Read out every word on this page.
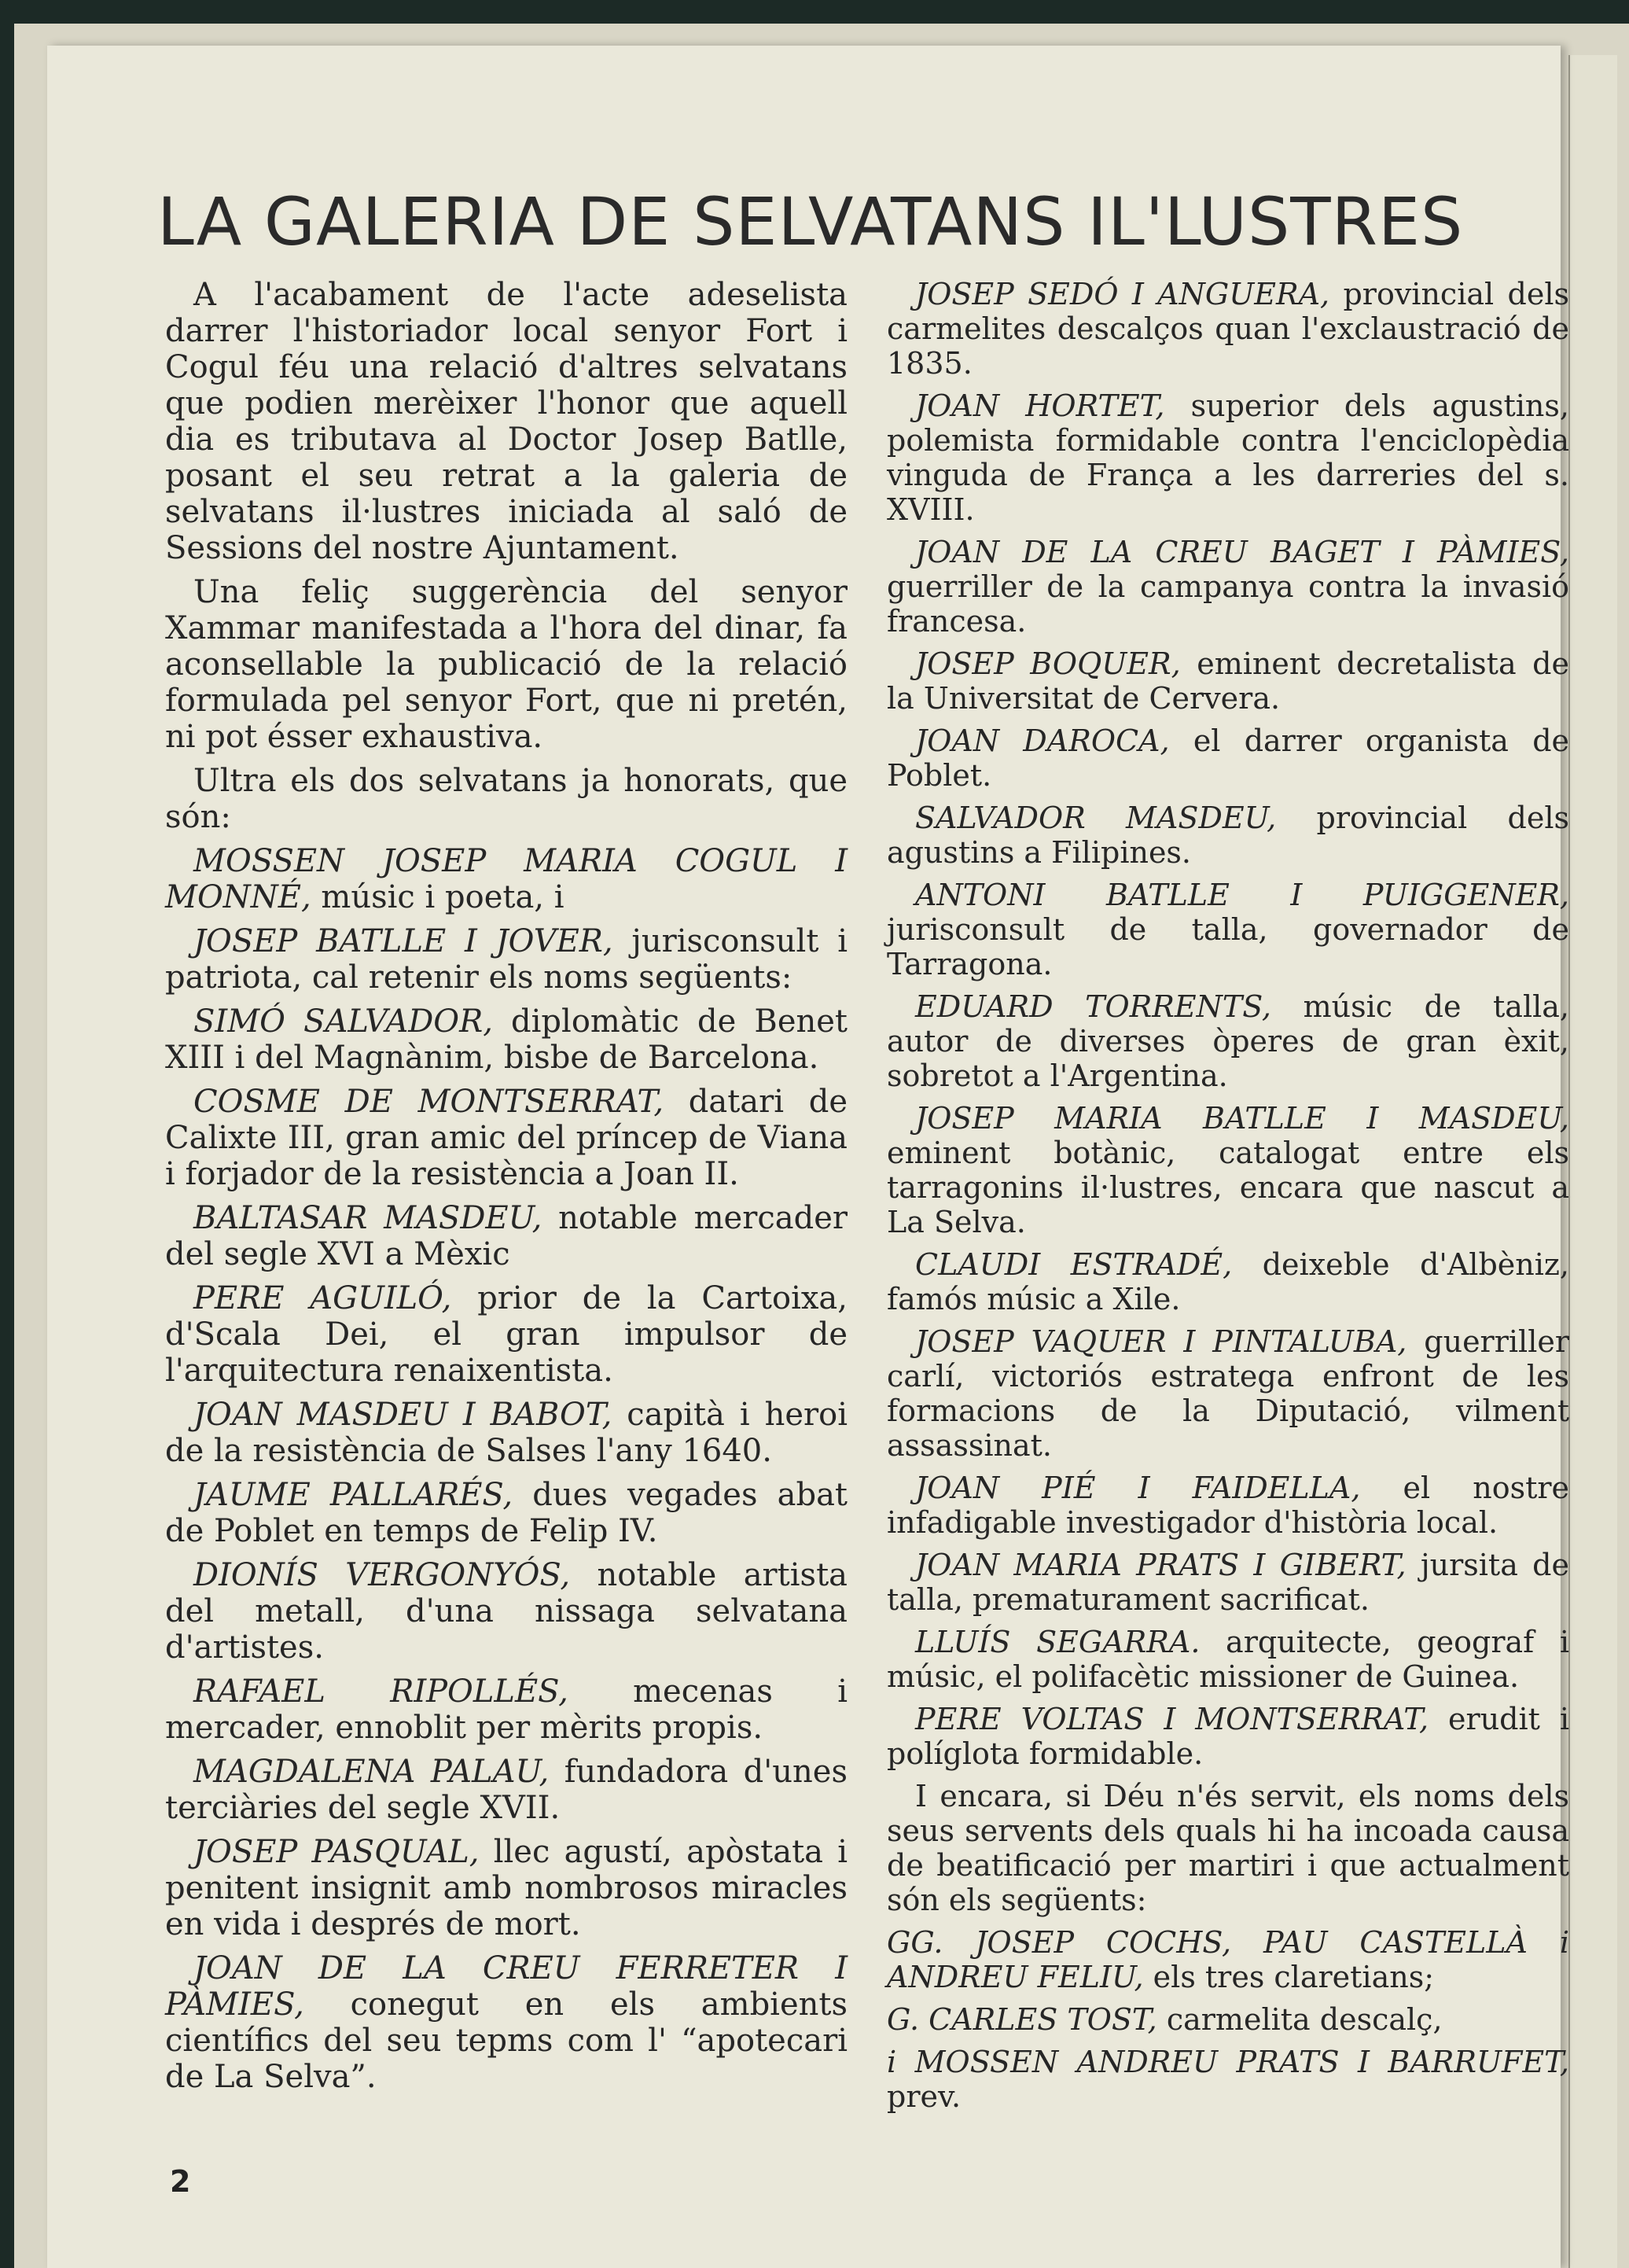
LA GALERIA DE SELVATANS IL'LUSTRES

A l'acabament de l'acte adeselista darrer l'historiador local senyor Fort i Cogul féu una relació d'altres selvatans que podien merèixer l'honor que aquell dia es tributava al Doctor Josep Batlle, posant el seu retrat a la galeria de selvatans il·lustres iniciada al saló de Sessions del nostre Ajuntament.

Una feliç suggerència del senyor Xammar manifestada a l'hora del dinar, fa aconsellable la publicació de la relació formulada pel senyor Fort, que ni pretén, ni pot ésser exhaustiva.

Ultra els dos selvatans ja honorats, que són:

MOSSEN JOSEP MARIA COGUL I MONNÉ, músic i poeta, i

JOSEP BATLLE I JOVER, jurisconsult i patriota, cal retenir els noms següents:

SIMÓ SALVADOR, diplomàtic de Benet XIII i del Magnànim, bisbe de Barcelona.

COSME DE MONTSERRAT, datari de Calixte III, gran amic del príncep de Viana i forjador de la resistència a Joan II.

BALTASAR MASDEU, notable mercader del segle XVI a Mèxic

PERE AGUILÓ, prior de la Cartoixa, d'Scala Dei, el gran impulsor de l'arquitectura renaixentista.

JOAN MASDEU I BABOT, capità i heroi de la resistència de Salses l'any 1640.

JAUME PALLARÉS, dues vegades abat de Poblet en temps de Felip IV.

DIONÍS VERGONYÓS, notable artista del metall, d'una nissaga selvatana d'artistes.

RAFAEL RIPOLLÉS, mecenas i mercader, ennoblit per mèrits propis.

MAGDALENA PALAU, fundadora d'unes terciàries del segle XVII.

JOSEP PASQUAL, llec agustí, apòstata i penitent insignit amb nombrosos miracles en vida i després de mort.

JOAN DE LA CREU FERRETER I PÀMIES, conegut en els ambients científics del seu tepms com l' “apotecari de La Selva”.

JOSEP SEDÓ I ANGUERA, provincial dels carmelites descalços quan l'exclaustració de 1835.

JOAN HORTET, superior dels agustins, polemista formidable contra l'enciclopèdia vinguda de França a les darreries del s. XVIII.

JOAN DE LA CREU BAGET I PÀMIES, guerriller de la campanya contra la invasió francesa.

JOSEP BOQUER, eminent decretalista de la Universitat de Cervera.

JOAN DAROCA, el darrer organista de Poblet.

SALVADOR MASDEU, provincial dels agustins a Filipines.

ANTONI BATLLE I PUIGGENER, jurisconsult de talla, governador de Tarragona.

EDUARD TORRENTS, músic de talla, autor de diverses òperes de gran èxit, sobretot a l'Argentina.

JOSEP MARIA BATLLE I MASDEU, eminent botànic, catalogat entre els tarragonins il·lustres, encara que nascut a La Selva.

CLAUDI ESTRADÉ, deixeble d'Albèniz, famós músic a Xile.

JOSEP VAQUER I PINTALUBA, guerriller carlí, victoriós estratega enfront de les formacions de la Diputació, vilment assassinat.

JOAN PIÉ I FAIDELLA, el nostre infadigable investigador d'història local.

JOAN MARIA PRATS I GIBERT, jursita de talla, prematurament sacrificat.

LLUÍS SEGARRA. arquitecte, geograf i músic, el polifacètic missioner de Guinea.

PERE VOLTAS I MONTSERRAT, erudit i políglota formidable.

I encara, si Déu n'és servit, els noms dels seus servents dels quals hi ha incoada causa de beatificació per martiri i que actualment són els següents:

GG. JOSEP COCHS, PAU CASTELLÀ i ANDREU FELIU, els tres claretians;

G. CARLES TOST, carmelita descalç,

i MOSSEN ANDREU PRATS I BARRUFET, prev.

2
